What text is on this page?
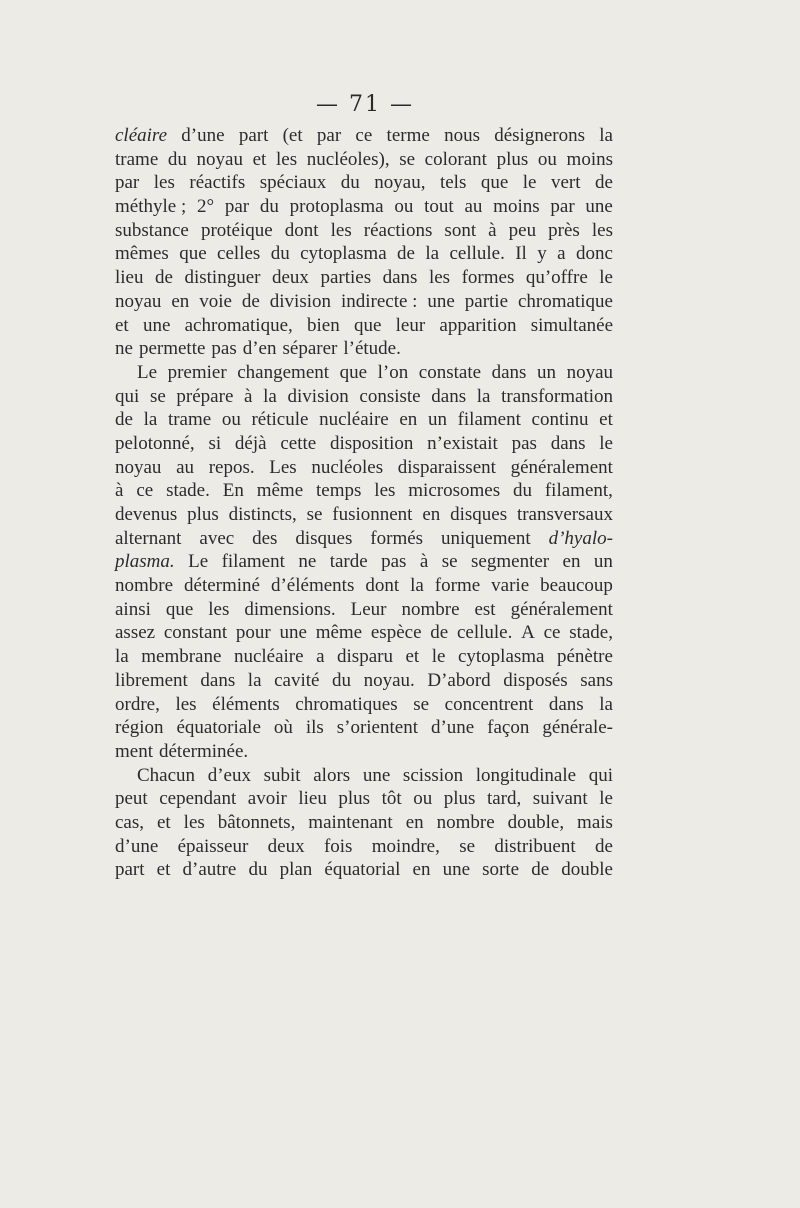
— 71 —
cléaire d’une part (et par ce terme nous désignerons la
trame du noyau et les nucléoles), se colorant plus ou moins
par les réactifs spéciaux du noyau, tels que le vert de
méthyle ; 2° par du protoplasma ou tout au moins par une
substance protéique dont les réactions sont à peu près les
mêmes que celles du cytoplasma de la cellule. Il y a donc
lieu de distinguer deux parties dans les formes qu’offre le
noyau en voie de division indirecte : une partie chromatique
et une achromatique, bien que leur apparition simultanée
ne permette pas d’en séparer l’étude.
Le premier changement que l’on constate dans un noyau
qui se prépare à la division consiste dans la transformation
de la trame ou réticule nucléaire en un filament continu et
pelotonné, si déjà cette disposition n’existait pas dans le
noyau au repos. Les nucléoles disparaissent généralement
à ce stade. En même temps les microsomes du filament,
devenus plus distincts, se fusionnent en disques transversaux
alternant avec des disques formés uniquement d’hyalo-
plasma. Le filament ne tarde pas à se segmenter en un
nombre déterminé d’éléments dont la forme varie beaucoup
ainsi que les dimensions. Leur nombre est généralement
assez constant pour une même espèce de cellule. A ce stade,
la membrane nucléaire a disparu et le cytoplasma pénètre
librement dans la cavité du noyau. D’abord disposés sans
ordre, les éléments chromatiques se concentrent dans la
région équatoriale où ils s’orientent d’une façon générale-
ment déterminée.
Chacun d’eux subit alors une scission longitudinale qui
peut cependant avoir lieu plus tôt ou plus tard, suivant le
cas, et les bâtonnets, maintenant en nombre double, mais
d’une épaisseur deux fois moindre, se distribuent de
part et d’autre du plan équatorial en une sorte de double
